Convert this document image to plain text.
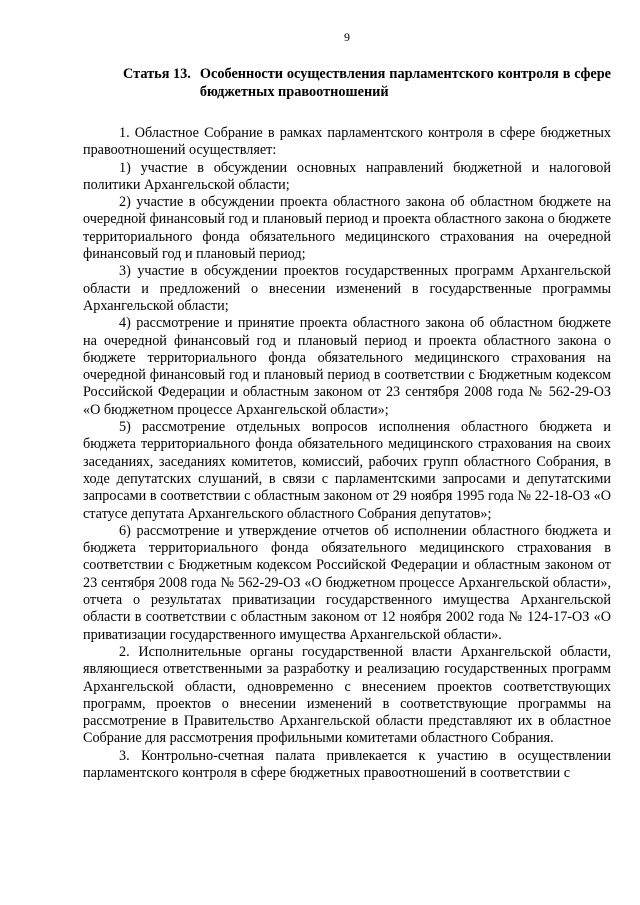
9
Статья 13. Особенности осуществления парламентского контроля в сфере бюджетных правоотношений

1. Областное Собрание в рамках парламентского контроля в сфере бюджетных правоотношений осуществляет:

1) участие в обсуждении основных направлений бюджетной и налоговой политики Архангельской области;

2) участие в обсуждении проекта областного закона об областном бюджете на очередной финансовый год и плановый период и проекта областного закона о бюджете территориального фонда обязательного медицинского страхования на очередной финансовый год и плановый период;

3) участие в обсуждении проектов государственных программ Архангельской области и предложений о внесении изменений в государственные программы Архангельской области;

4) рассмотрение и принятие проекта областного закона об областном бюджете на очередной финансовый год и плановый период и проекта областного закона о бюджете территориального фонда обязательного медицинского страхования на очередной финансовый год и плановый период в соответствии с Бюджетным кодексом Российской Федерации и областным законом от 23 сентября 2008 года № 562-29-ОЗ «О бюджетном процессе Архангельской области»;

5) рассмотрение отдельных вопросов исполнения областного бюджета и бюджета территориального фонда обязательного медицинского страхования на своих заседаниях, заседаниях комитетов, комиссий, рабочих групп областного Собрания, в ходе депутатских слушаний, в связи с парламентскими запросами и депутатскими запросами в соответствии с областным законом от 29 ноября 1995 года № 22-18-ОЗ «О статусе депутата Архангельского областного Собрания депутатов»;

6) рассмотрение и утверждение отчетов об исполнении областного бюджета и бюджета территориального фонда обязательного медицинского страхования в соответствии с Бюджетным кодексом Российской Федерации и областным законом от 23 сентября 2008 года № 562-29-ОЗ «О бюджетном процессе Архангельской области», отчета о результатах приватизации государственного имущества Архангельской области в соответствии с областным законом от 12 ноября 2002 года № 124-17-ОЗ «О приватизации государственного имущества Архангельской области».

2. Исполнительные органы государственной власти Архангельской области, являющиеся ответственными за разработку и реализацию государственных программ Архангельской области, одновременно с внесением проектов соответствующих программ, проектов о внесении изменений в соответствующие программы на рассмотрение в Правительство Архангельской области представляют их в областное Собрание для рассмотрения профильными комитетами областного Собрания.

3. Контрольно-счетная палата привлекается к участию в осуществлении парламентского контроля в сфере бюджетных правоотношений в соответствии с
